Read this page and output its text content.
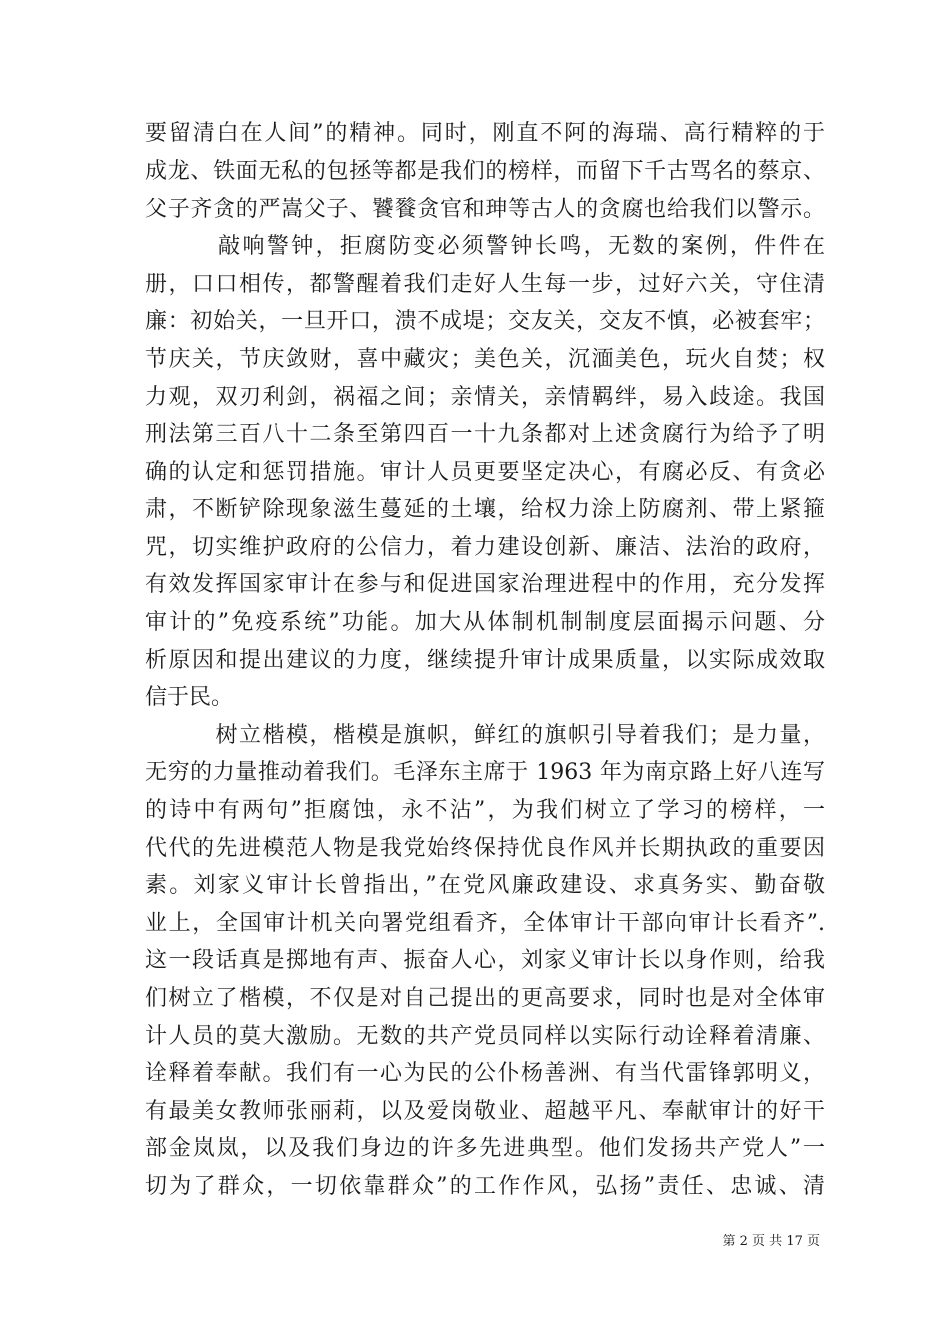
要留清白在人间”的精神。同时，刚直不阿的海瑞、高行精粹的于
成龙、铁面无私的包拯等都是我们的榜样，而留下千古骂名的蔡京、
父子齐贪的严嵩父子、饕餮贪官和珅等古人的贪腐也给我们以警示。
　　　敲响警钟，拒腐防变必须警钟长鸣，无数的案例，件件在
册，口口相传，都警醒着我们走好人生每一步，过好六关，守住清
廉：初始关，一旦开口，溃不成堤；交友关，交友不慎，必被套牢；
节庆关，节庆敛财，喜中藏灾；美色关，沉湎美色，玩火自焚；权
力观，双刃利剑，祸福之间；亲情关，亲情羁绊，易入歧途。我国
刑法第三百八十二条至第四百一十九条都对上述贪腐行为给予了明
确的认定和惩罚措施。审计人员更要坚定决心，有腐必反、有贪必
肃，不断铲除现象滋生蔓延的土壤，给权力涂上防腐剂、带上紧箍
咒，切实维护政府的公信力，着力建设创新、廉洁、法治的政府，
有效发挥国家审计在参与和促进国家治理进程中的作用，充分发挥
审计的”免疫系统”功能。加大从体制机制制度层面揭示问题、分
析原因和提出建议的力度，继续提升审计成果质量，以实际成效取
信于民。
　　　树立楷模，楷模是旗帜，鲜红的旗帜引导着我们；是力量，
无穷的力量推动着我们。毛泽东主席于 1963 年为南京路上好八连写
的诗中有两句”拒腐蚀，永不沾”，为我们树立了学习的榜样，一
代代的先进模范人物是我党始终保持优良作风并长期执政的重要因
素。刘家义审计长曾指出，”在党风廉政建设、求真务实、勤奋敬
业上，全国审计机关向署党组看齐，全体审计干部向审计长看齐”.
这一段话真是掷地有声、振奋人心，刘家义审计长以身作则，给我
们树立了楷模，不仅是对自己提出的更高要求，同时也是对全体审
计人员的莫大激励。无数的共产党员同样以实际行动诠释着清廉、
诠释着奉献。我们有一心为民的公仆杨善洲、有当代雷锋郭明义，
有最美女教师张丽莉，以及爱岗敬业、超越平凡、奉献审计的好干
部金岚岚，以及我们身边的许多先进典型。他们发扬共产党人”一
切为了群众，一切依靠群众”的工作作风，弘扬”责任、忠诚、清
第 2 页 共 17 页
